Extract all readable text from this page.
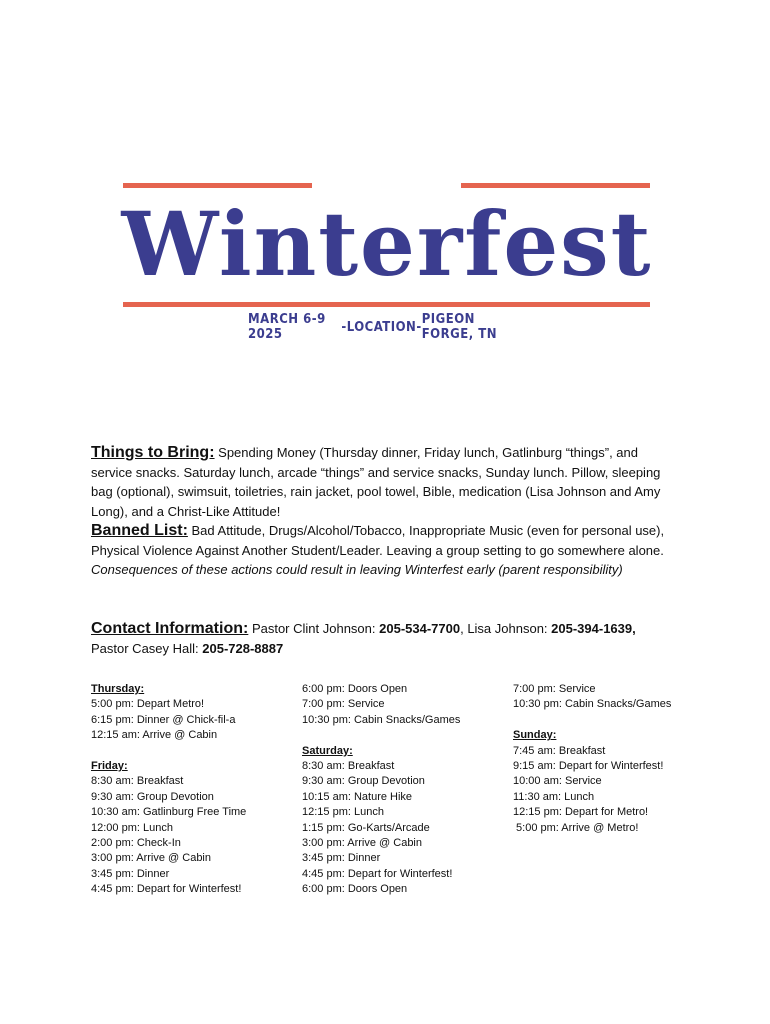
Winterfest
MARCH 6-9 2025	- LOCATION - PIGEON FORGE, TN
Things to Bring: Spending Money (Thursday dinner, Friday lunch, Gatlinburg “things”, and service snacks. Saturday lunch, arcade “things” and service snacks, Sunday lunch. Pillow, sleeping bag (optional), swimsuit, toiletries, rain jacket, pool towel, Bible, medication (Lisa Johnson and Amy Long), and a Christ-Like Attitude!
Banned List: Bad Attitude, Drugs/Alcohol/Tobacco, Inappropriate Music (even for personal use), Physical Violence Against Another Student/Leader. Leaving a group setting to go somewhere alone. Consequences of these actions could result in leaving Winterfest early (parent responsibility)
Contact Information: Pastor Clint Johnson: 205-534-7700, Lisa Johnson: 205-394-1639,
Pastor Casey Hall: 205-728-8887
Thursday:
5:00 pm: Depart Metro!
6:15 pm: Dinner @ Chick-fil-a
12:15 am: Arrive @ Cabin
Friday:
8:30 am: Breakfast
9:30 am: Group Devotion
10:30 am: Gatlinburg Free Time
12:00 pm: Lunch
2:00 pm: Check-In
3:00 pm: Arrive @ Cabin
3:45 pm: Dinner
4:45 pm: Depart for Winterfest!
6:00 pm: Doors Open
7:00 pm: Service
10:30 pm: Cabin Snacks/Games
Saturday:
8:30 am: Breakfast
9:30 am: Group Devotion
10:15 am: Nature Hike
12:15 pm: Lunch
1:15 pm: Go-Karts/Arcade
3:00 pm: Arrive @ Cabin
3:45 pm: Dinner
4:45 pm: Depart for Winterfest!
6:00 pm: Doors Open
7:00 pm: Service
10:30 pm: Cabin Snacks/Games
Sunday:
7:45 am: Breakfast
9:15 am: Depart for Winterfest!
10:00 am: Service
11:30 am: Lunch
12:15 pm: Depart for Metro!
5:00 pm: Arrive @ Metro!
